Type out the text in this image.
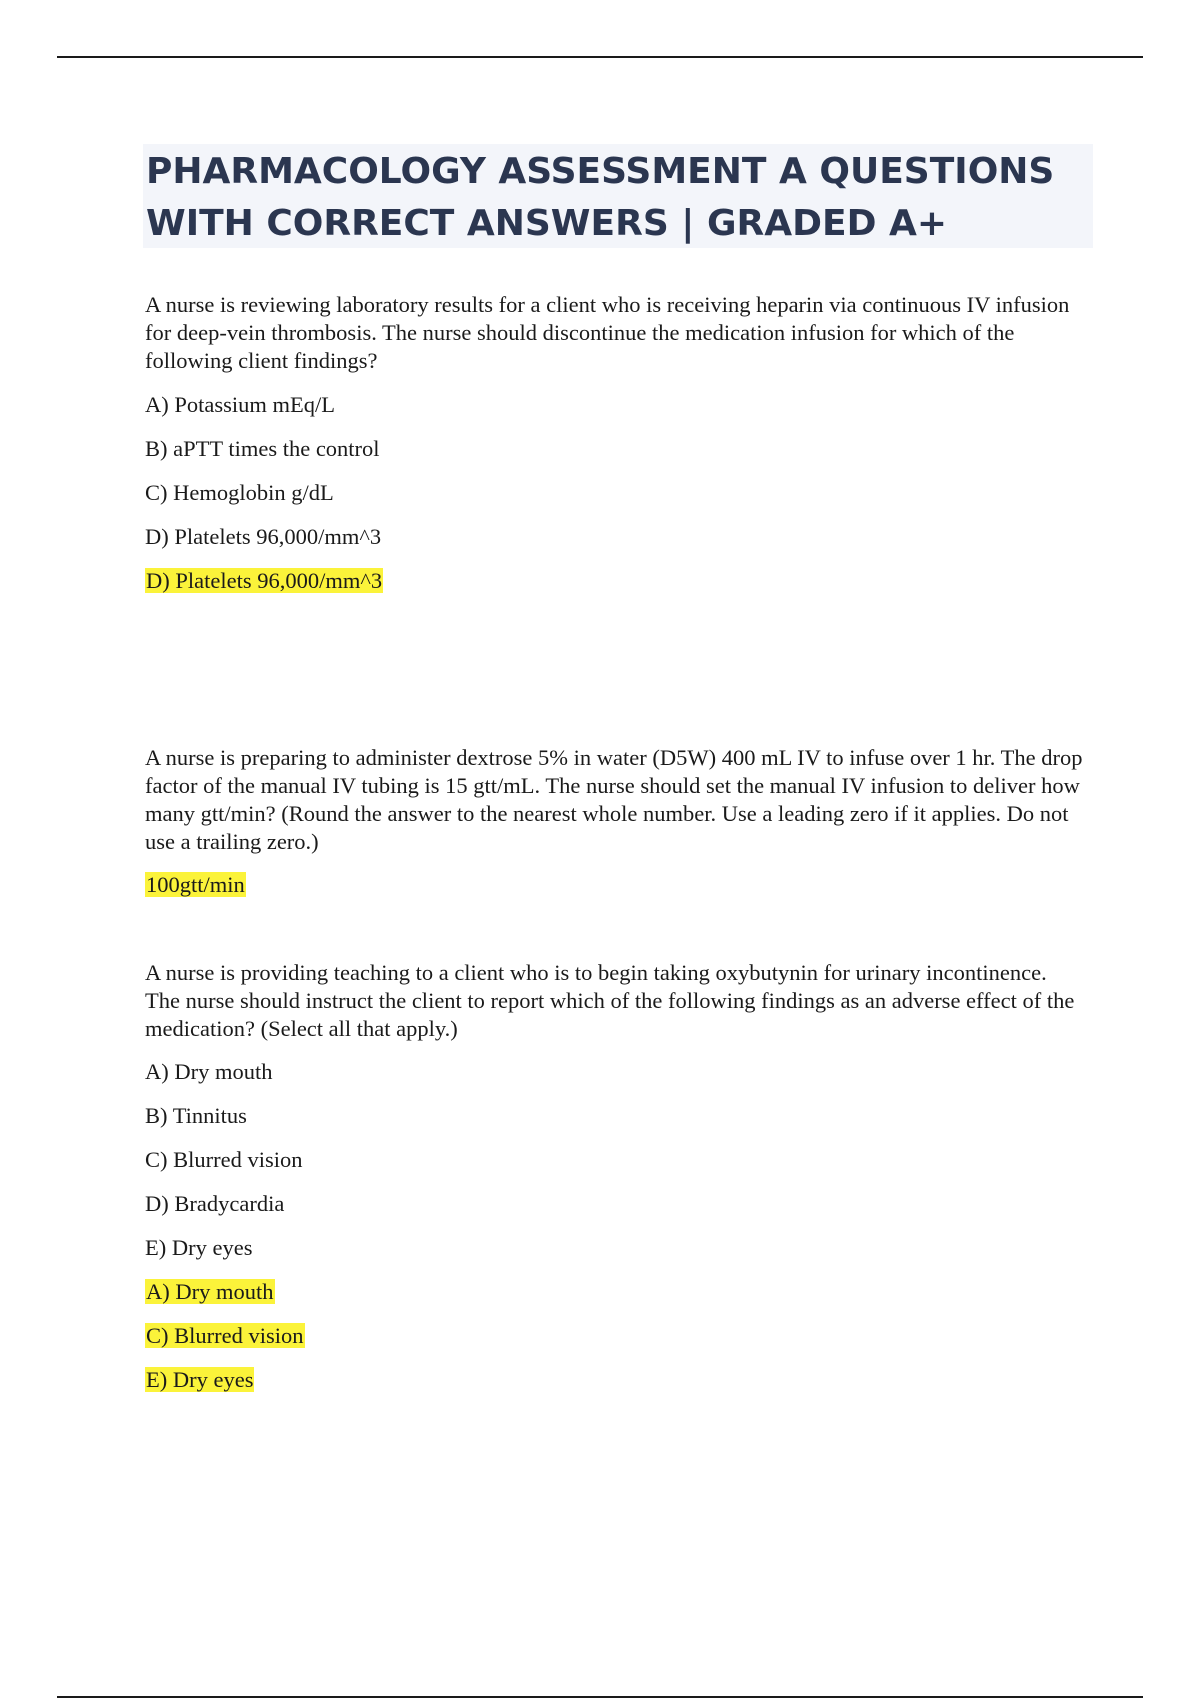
PHARMACOLOGY ASSESSMENT A QUESTIONS
WITH CORRECT ANSWERS | GRADED A+

A nurse is reviewing laboratory results for a client who is receiving heparin via continuous IV infusion for deep-vein thrombosis. The nurse should discontinue the medication infusion for which of the following client findings?

A) Potassium mEq/L

B) aPTT times the control

C) Hemoglobin g/dL

D) Platelets 96,000/mm^3

D) Platelets 96,000/mm^3

A nurse is preparing to administer dextrose 5% in water (D5W) 400 mL IV to infuse over 1 hr. The drop factor of the manual IV tubing is 15 gtt/mL. The nurse should set the manual IV infusion to deliver how many gtt/min? (Round the answer to the nearest whole number. Use a leading zero if it applies. Do not use a trailing zero.)

100gtt/min

A nurse is providing teaching to a client who is to begin taking oxybutynin for urinary incontinence. The nurse should instruct the client to report which of the following findings as an adverse effect of the medication? (Select all that apply.)

A) Dry mouth

B) Tinnitus

C) Blurred vision

D) Bradycardia

E) Dry eyes

A) Dry mouth

C) Blurred vision

E) Dry eyes
